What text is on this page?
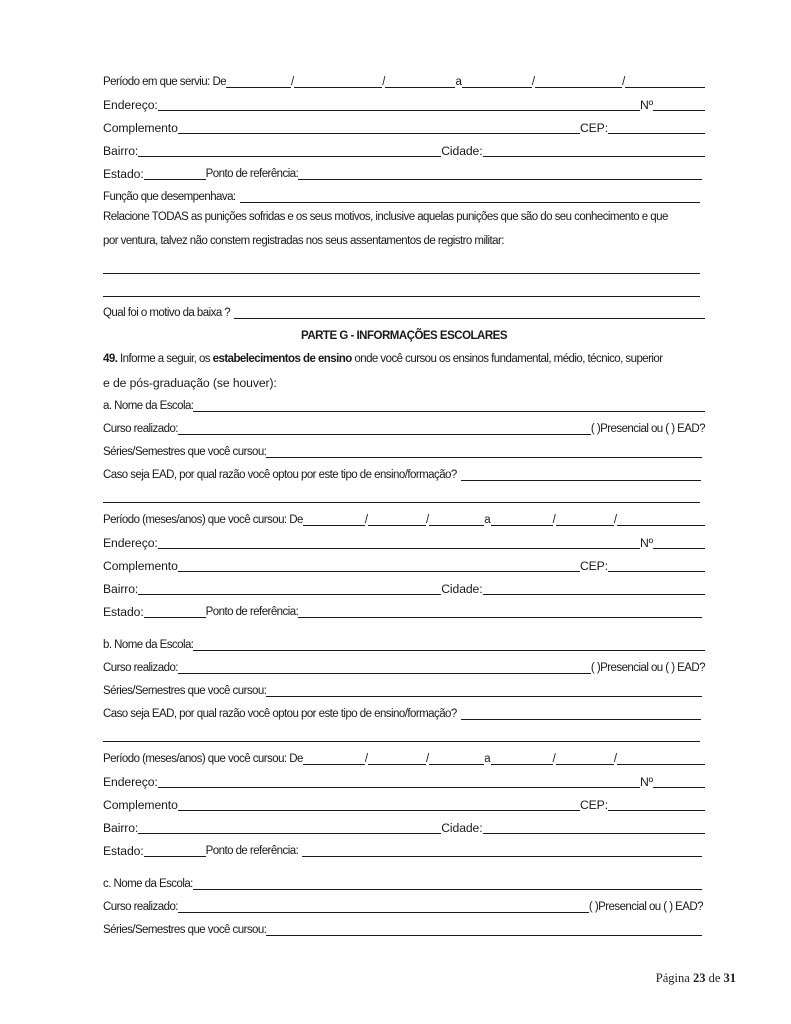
Período em que serviu: De	/	/	a	/	/
Endereço:	Nº
Complemento	CEP:
Bairro:	Cidade:
Estado:	Ponto de referência:
Função que desempenhava:
Relacione TODAS as punições sofridas e os seus motivos, inclusive aquelas punições que são do seu conhecimento e que
por ventura, talvez não constem registradas nos seus assentamentos de registro militar:
Qual foi o motivo da baixa ?
PARTE G - INFORMAÇÕES ESCOLARES
49. Informe a seguir, os estabelecimentos de ensino onde você cursou os ensinos fundamental, médio, técnico, superior
e de pós-graduação (se houver):
a. Nome da Escola:
Curso realizado:	( )Presencial ou ( ) EAD?
Séries/Semestres que você cursou:
Caso seja EAD, por qual razão você optou por este tipo de ensino/formação?
Período (meses/anos) que você cursou: De	/	/	a	/	/
Endereço:	Nº
Complemento	CEP:
Bairro:	Cidade:
Estado:	Ponto de referência:
b. Nome da Escola:
Curso realizado:	( )Presencial ou ( ) EAD?
Séries/Semestres que você cursou:
Caso seja EAD, por qual razão você optou por este tipo de ensino/formação?
Período (meses/anos) que você cursou: De	/	/	a	/	/
Endereço:	Nº
Complemento	CEP:
Bairro:	Cidade:
Estado:	Ponto de referência:
c. Nome da Escola:
Curso realizado:	( )Presencial ou ( ) EAD?
Séries/Semestres que você cursou:
Página 23 de 31
